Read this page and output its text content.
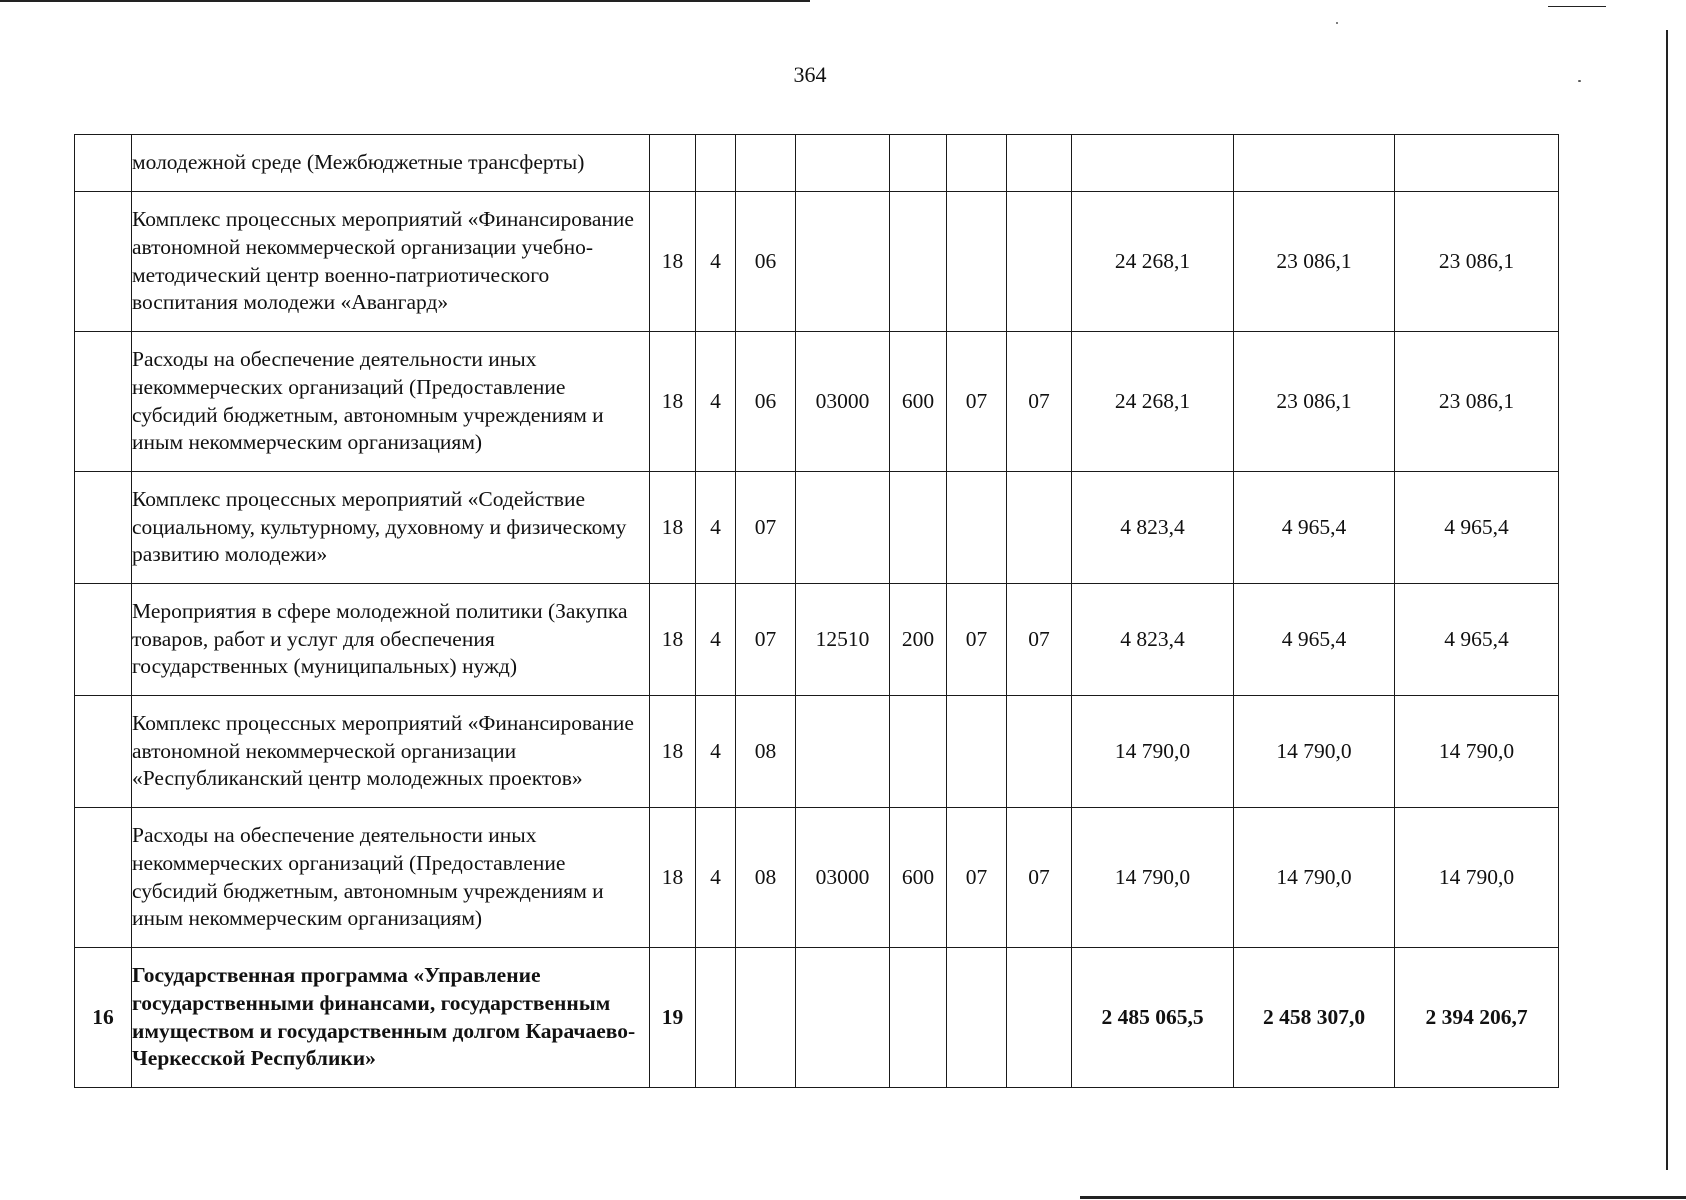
364
	молодежной среде (Межбюджетные трансферты)										
	Комплекс процессных мероприятий «Финансирование автономной некоммерческой организации учебно-методический центр военно-патриотического воспитания молодежи «Авангард»	18	4	06					24 268,1	23 086,1	23 086,1
	Расходы на обеспечение деятельности иных некоммерческих организаций (Предоставление субсидий бюджетным, автономным учреждениям и иным некоммерческим организациям)	18	4	06	03000	600	07	07	24 268,1	23 086,1	23 086,1
	Комплекс процессных мероприятий «Содействие социальному, культурному, духовному и физическому развитию молодежи»	18	4	07					4 823,4	4 965,4	4 965,4
	Мероприятия в сфере молодежной политики (Закупка товаров, работ и услуг для обеспечения государственных (муниципальных) нужд)	18	4	07	12510	200	07	07	4 823,4	4 965,4	4 965,4
	Комплекс процессных мероприятий «Финансирование автономной некоммерческой организации «Республиканский центр молодежных проектов»	18	4	08					14 790,0	14 790,0	14 790,0
	Расходы на обеспечение деятельности иных некоммерческих организаций (Предоставление субсидий бюджетным, автономным учреждениям и иным некоммерческим организациям)	18	4	08	03000	600	07	07	14 790,0	14 790,0	14 790,0
16	Государственная программа «Управление государственными финансами, государственным имуществом и государственным долгом Карачаево-Черкесской Республики»	19							2 485 065,5	2 458 307,0	2 394 206,7
